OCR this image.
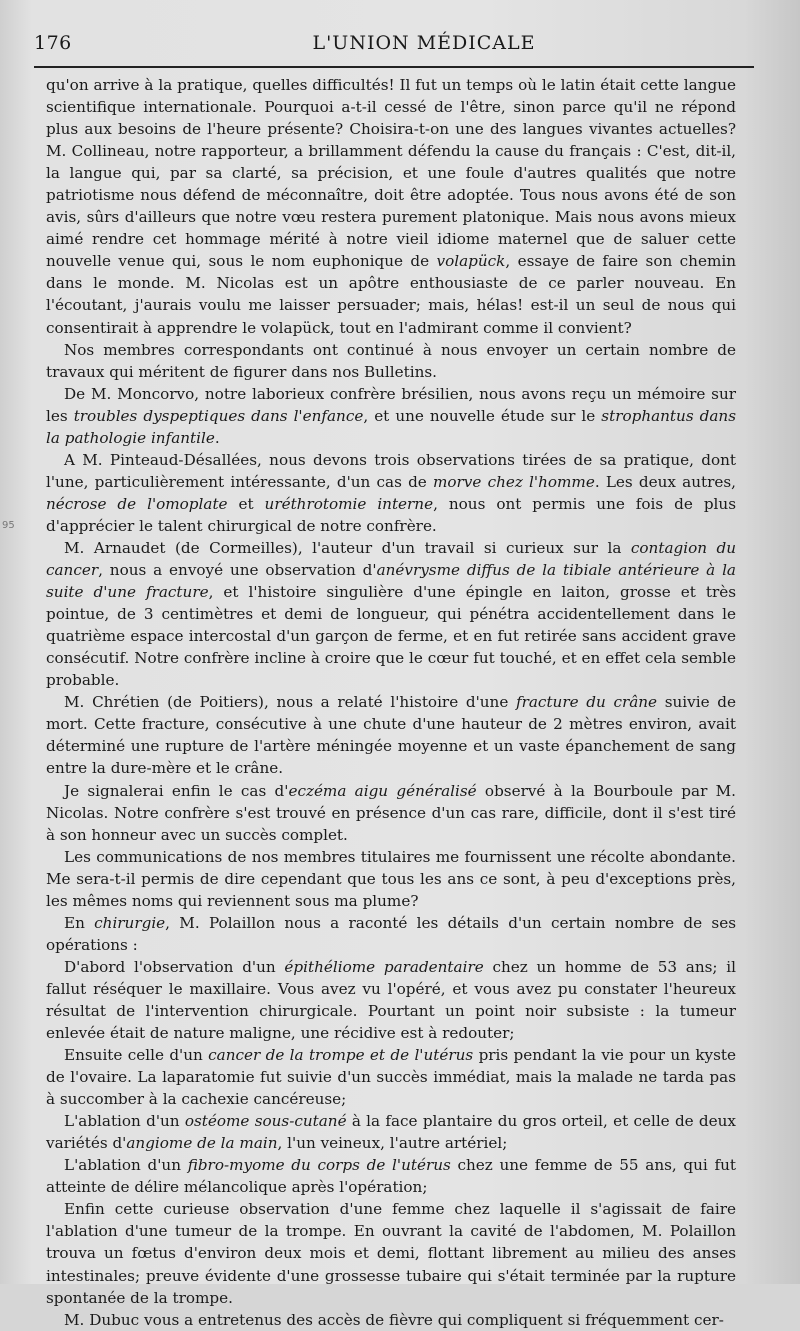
176	L'UNION MÉDICALE
95

qu'on arrive à la pratique, quelles difficultés! Il fut un temps où le latin était cette langue scientifique internationale. Pourquoi a-t-il cessé de l'être, sinon parce qu'il ne répond plus aux besoins de l'heure présente? Choisira-t-on une des langues vivantes actuelles? M. Collineau, notre rapporteur, a brillamment défendu la cause du français : C'est, dit-il, la langue qui, par sa clarté, sa précision, et une foule d'autres qualités que notre patriotisme nous défend de méconnaître, doit être adoptée. Tous nous avons été de son avis, sûrs d'ailleurs que notre vœu restera purement platonique. Mais nous avons mieux aimé rendre cet hommage mérité à notre vieil idiome maternel que de saluer cette nouvelle venue qui, sous le nom euphonique de volapück, essaye de faire son chemin dans le monde. M. Nicolas est un apôtre enthousiaste de ce parler nouveau. En l'écoutant, j'aurais voulu me laisser persuader; mais, hélas! est-il un seul de nous qui consentirait à apprendre le volapück, tout en l'admirant comme il convient?

Nos membres correspondants ont continué à nous envoyer un certain nombre de travaux qui méritent de figurer dans nos Bulletins.

De M. Moncorvo, notre laborieux confrère brésilien, nous avons reçu un mémoire sur les troubles dyspeptiques dans l'enfance, et une nouvelle étude sur le strophantus dans la pathologie infantile.

A M. Pinteaud-Désallées, nous devons trois observations tirées de sa pratique, dont l'une, particulièrement intéressante, d'un cas de morve chez l'homme. Les deux autres, nécrose de l'omoplate et uréthrotomie interne, nous ont permis une fois de plus d'apprécier le talent chirurgical de notre confrère.

M. Arnaudet (de Cormeilles), l'auteur d'un travail si curieux sur la contagion du cancer, nous a envoyé une observation d'anévrysme diffus de la tibiale antérieure à la suite d'une fracture, et l'histoire singulière d'une épingle en laiton, grosse et très pointue, de 3 centimètres et demi de longueur, qui pénétra accidentellement dans le quatrième espace intercostal d'un garçon de ferme, et en fut retirée sans accident grave consécutif. Notre confrère incline à croire que le cœur fut touché, et en effet cela semble probable.

M. Chrétien (de Poitiers), nous a relaté l'histoire d'une fracture du crâne suivie de mort. Cette fracture, consécutive à une chute d'une hauteur de 2 mètres environ, avait déterminé une rupture de l'artère méningée moyenne et un vaste épanchement de sang entre la dure-mère et le crâne.

Je signalerai enfin le cas d'eczéma aigu généralisé observé à la Bourboule par M. Nicolas. Notre confrère s'est trouvé en présence d'un cas rare, difficile, dont il s'est tiré à son honneur avec un succès complet.

Les communications de nos membres titulaires me fournissent une récolte abondante. Me sera-t-il permis de dire cependant que tous les ans ce sont, à peu d'exceptions près, les mêmes noms qui reviennent sous ma plume?

En chirurgie, M. Polaillon nous a raconté les détails d'un certain nombre de ses opérations :

D'abord l'observation d'un épithéliome paradentaire chez un homme de 53 ans; il fallut réséquer le maxillaire. Vous avez vu l'opéré, et vous avez pu constater l'heureux résultat de l'intervention chirurgicale. Pourtant un point noir subsiste : la tumeur enlevée était de nature maligne, une récidive est à redouter;

Ensuite celle d'un cancer de la trompe et de l'utérus pris pendant la vie pour un kyste de l'ovaire. La laparatomie fut suivie d'un succès immédiat, mais la malade ne tarda pas à succomber à la cachexie cancéreuse;

L'ablation d'un ostéome sous-cutané à la face plantaire du gros orteil, et celle de deux variétés d'angiome de la main, l'un veineux, l'autre artériel;

L'ablation d'un fibro-myome du corps de l'utérus chez une femme de 55 ans, qui fut atteinte de délire mélancolique après l'opération;

Enfin cette curieuse observation d'une femme chez laquelle il s'agissait de faire l'ablation d'une tumeur de la trompe. En ouvrant la cavité de l'abdomen, M. Polaillon trouva un fœtus d'environ deux mois et demi, flottant librement au milieu des anses intestinales; preuve évidente d'une grossesse tubaire qui s'était terminée par la rupture spontanée de la trompe.

M. Dubuc vous a entretenus des accès de fièvre qui compliquent si fréquemment cer-
